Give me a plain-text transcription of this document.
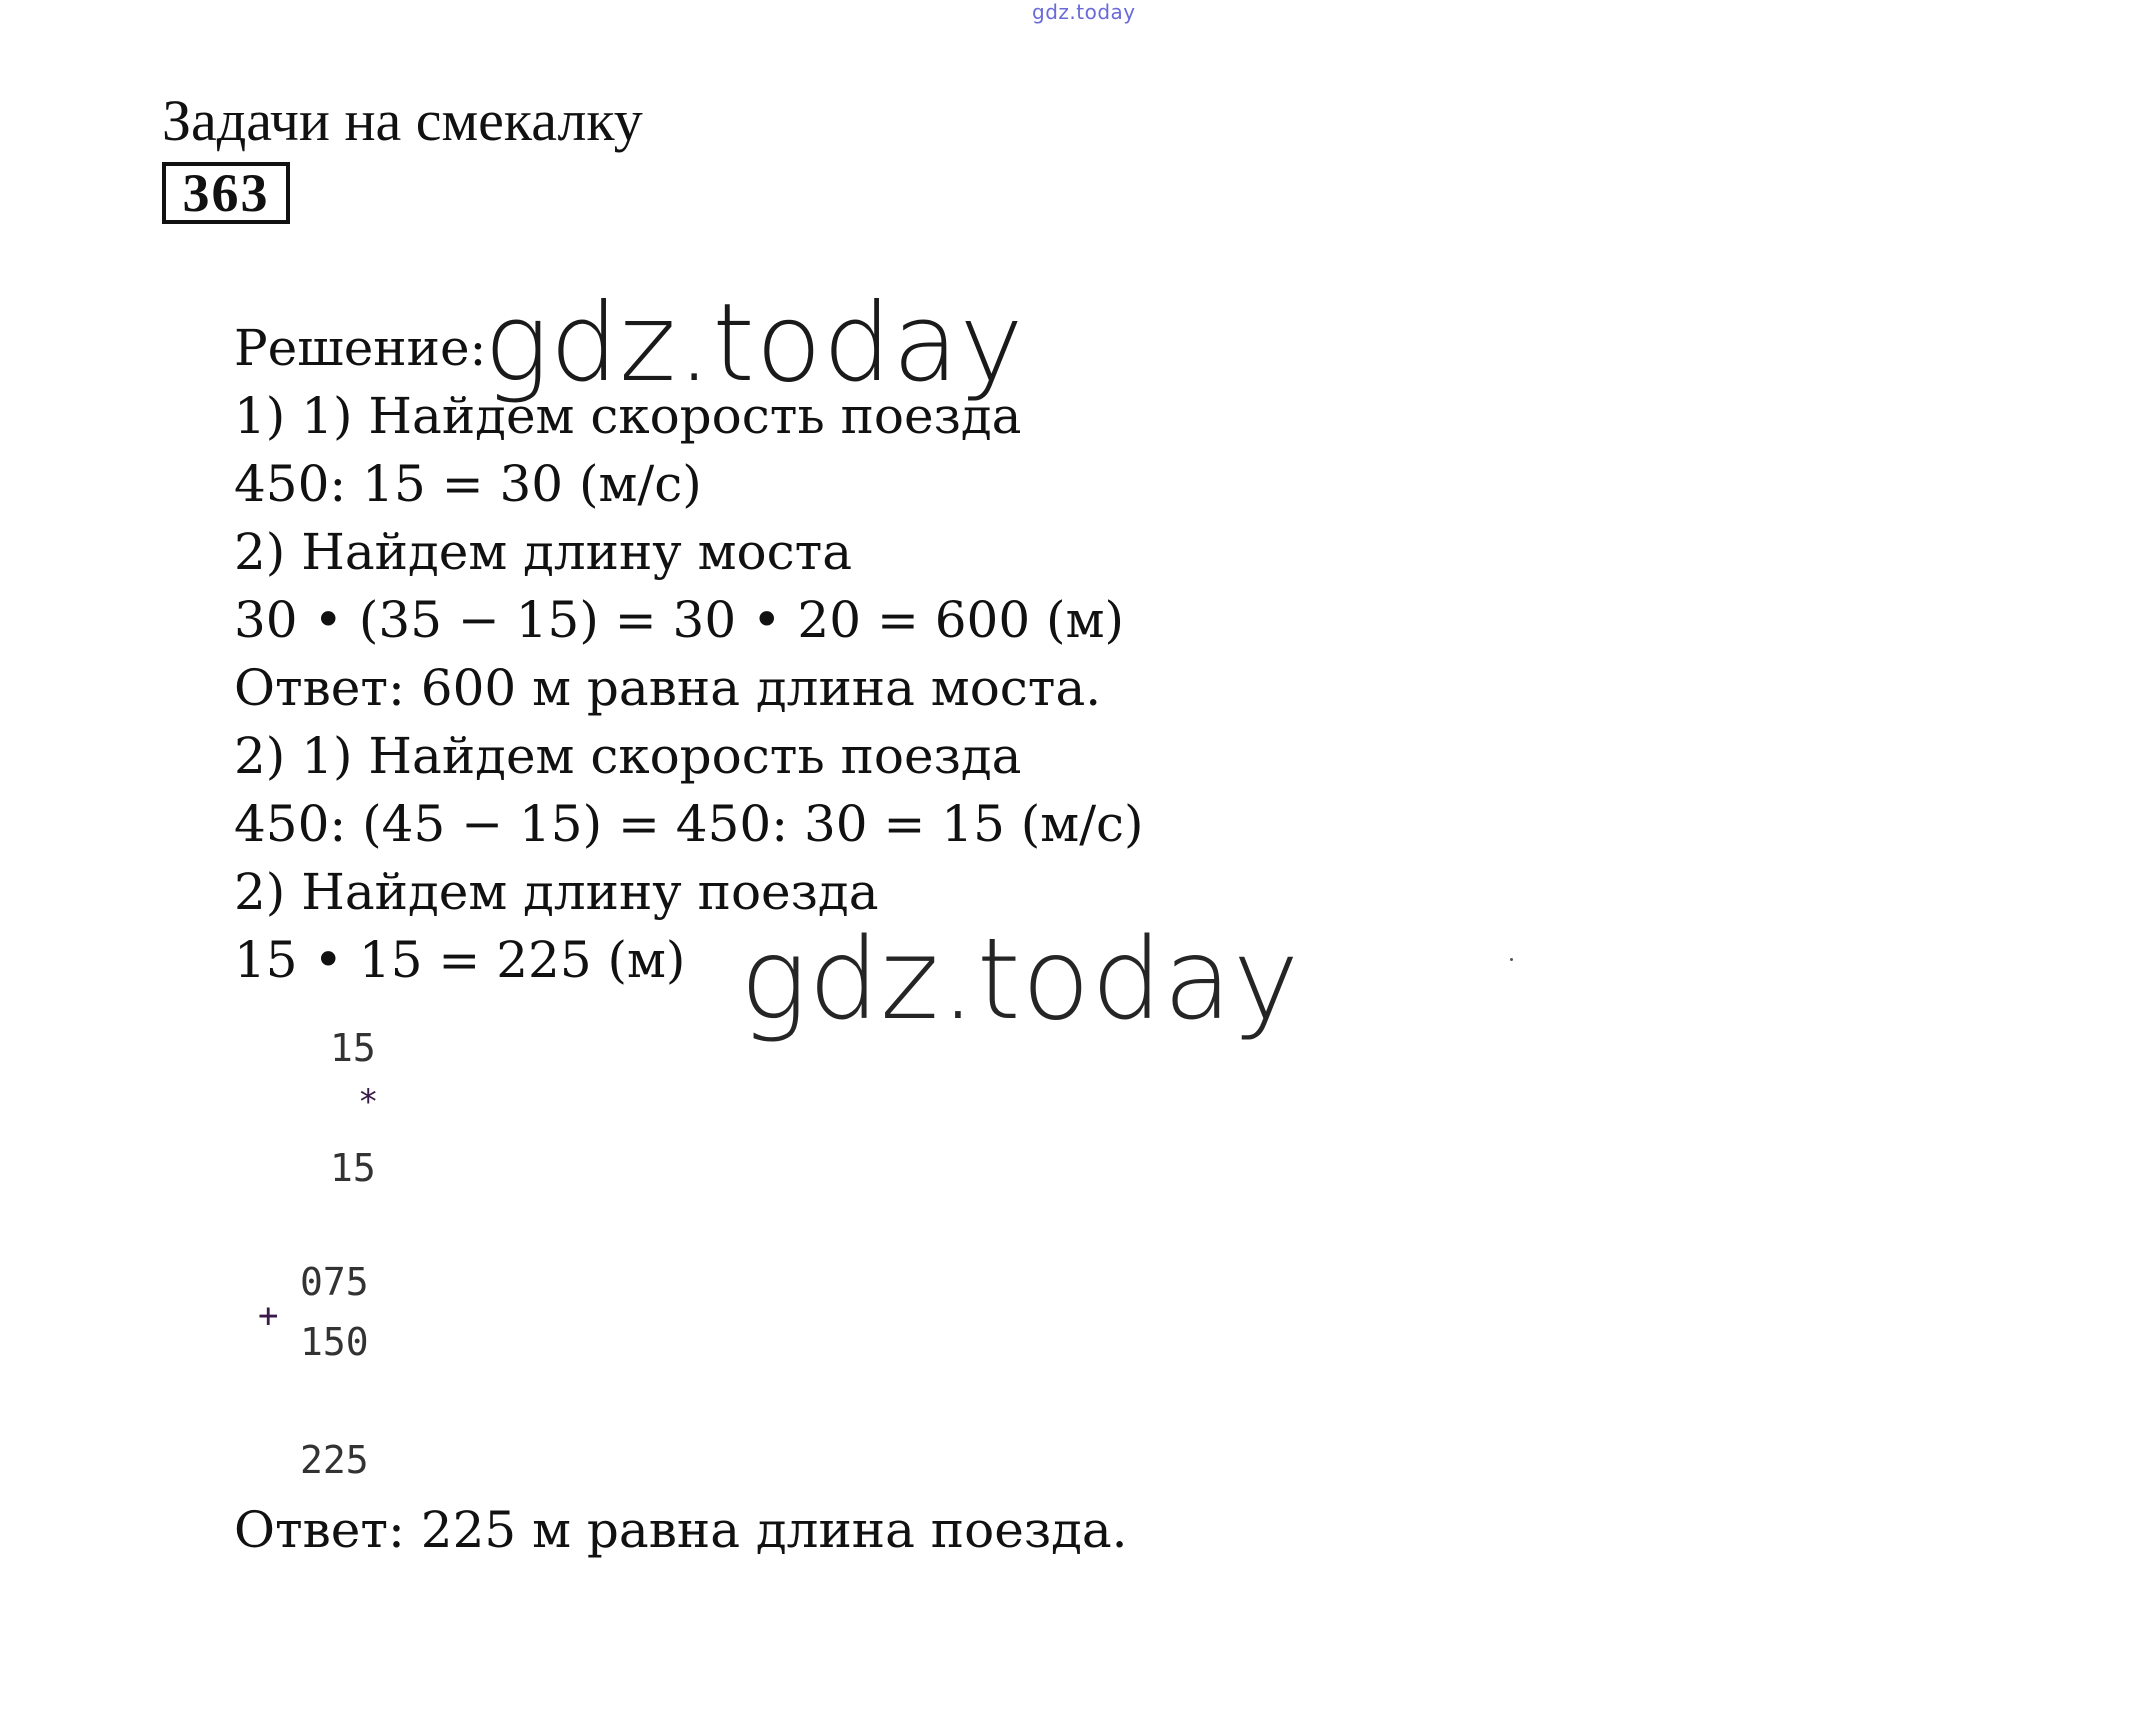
gdz.today
Задачи на смекалку
363
Решение:
1) 1) Найдем скорость поезда
450: 15 = 30 (м/с)
2) Найдем длину моста
30 • (35 − 15) = 30 • 20 = 600 (м)
Ответ: 600 м равна длина моста.
2) 1) Найдем скорость поезда
450: (45 − 15) = 450: 30 = 15 (м/с)
2) Найдем длину поезда
15 • 15 = 225 (м)
15
*
15
075
+
150
225
Ответ: 225 м равна длина поезда.
gdz.today
gdz.today
